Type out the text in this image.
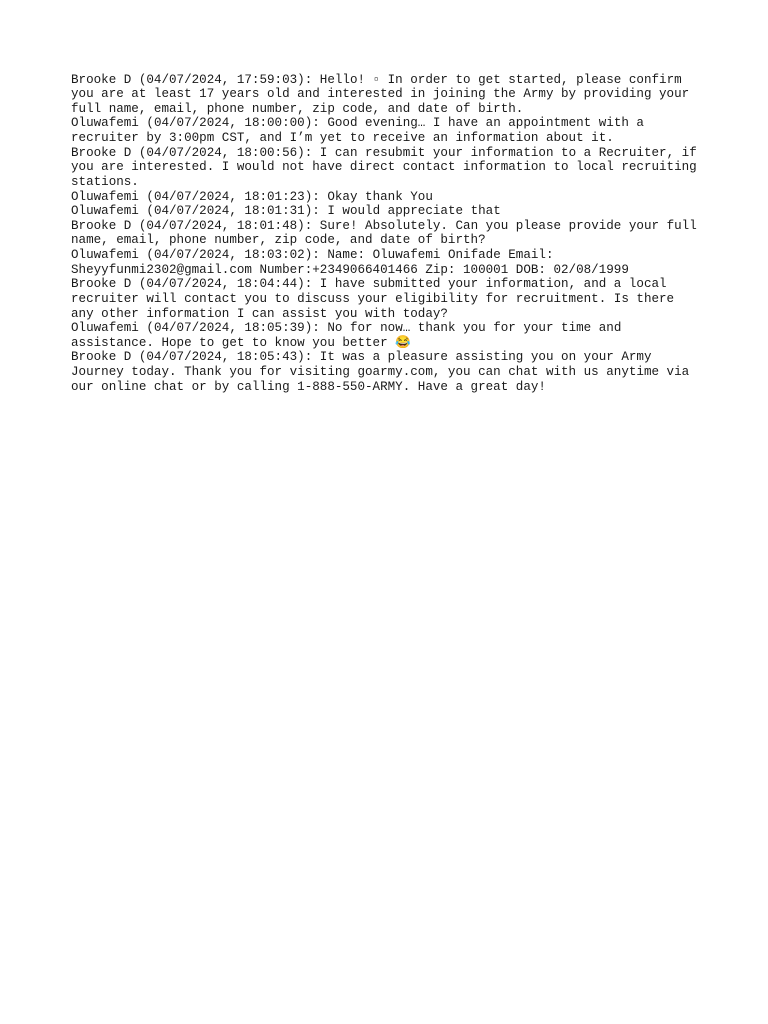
Brooke D ( 04/07/2024, 17:59:03 ): Hello! ▫ In order to get started, please confirm you are at least 17 years old and interested in joining the Army by providing your full name, email, phone number, zip code, and date of birth.
Oluwafemi ( 04/07/2024, 18:00:00 ): Good evening… I have an appointment with a recruiter by 3:00pm CST, and I’m yet to receive an information about it.
Brooke D ( 04/07/2024, 18:00:56 ): I can resubmit your information to a Recruiter, if you are interested. I would not have direct contact information to local recruiting stations.
Oluwafemi ( 04/07/2024, 18:01:23 ): Okay thank You
Oluwafemi ( 04/07/2024, 18:01:31 ): I would appreciate that
Brooke D ( 04/07/2024, 18:01:48 ): Sure! Absolutely. Can you please provide your full name, email, phone number, zip code, and date of birth?
Oluwafemi ( 04/07/2024, 18:03:02 ): Name: Oluwafemi Onifade Email: Sheyyfunmi2302@gmail.com Number:+2349066401466 Zip: 100001 DOB: 02/08/1999
Brooke D ( 04/07/2024, 18:04:44 ): I have submitted your information, and a local recruiter will contact you to discuss your eligibility for recruitment. Is there any other information I can assist you with today?
Oluwafemi ( 04/07/2024, 18:05:39 ): No for now… thank you for your time and assistance. Hope to get to know you better 😂
Brooke D ( 04/07/2024, 18:05:43 ): It was a pleasure assisting you on your Army Journey today. Thank you for visiting goarmy.com, you can chat with us anytime via our online chat or by calling 1-888-550-ARMY. Have a great day!
